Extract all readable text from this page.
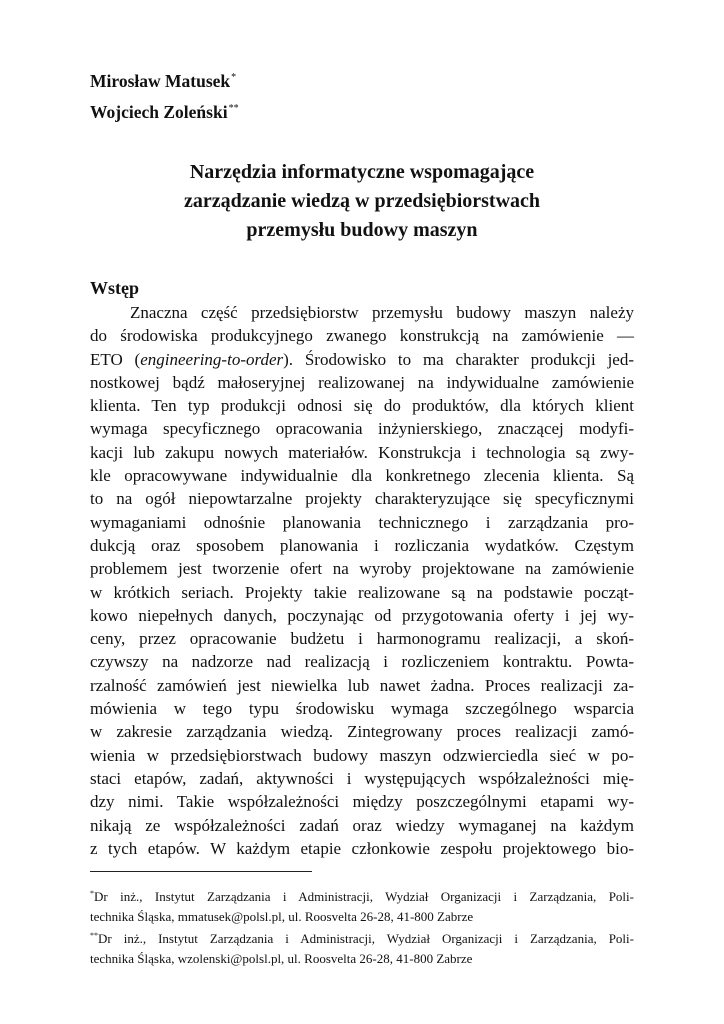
Mirosław Matusek*
Wojciech Zoleński**
Narzędzia informatyczne wspomagające
zarządzanie wiedzą w przedsiębiorstwach
przemysłu budowy maszyn
Wstęp
Znaczna część przedsiębiorstw przemysłu budowy maszyn należy
do środowiska produkcyjnego zwanego konstrukcją na zamówienie —
ETO (engineering-to-order). Środowisko to ma charakter produkcji jed-
nostkowej bądź małoseryjnej realizowanej na indywidualne zamówienie
klienta. Ten typ produkcji odnosi się do produktów, dla których klient
wymaga specyficznego opracowania inżynierskiego, znaczącej modyfi-
kacji lub zakupu nowych materiałów. Konstrukcja i technologia są zwy-
kle opracowywane indywidualnie dla konkretnego zlecenia klienta. Są
to na ogół niepowtarzalne projekty charakteryzujące się specyficznymi
wymaganiami odnośnie planowania technicznego i zarządzania pro-
dukcją oraz sposobem planowania i rozliczania wydatków. Częstym
problemem jest tworzenie ofert na wyroby projektowane na zamówienie
w krótkich seriach. Projekty takie realizowane są na podstawie począt-
kowo niepełnych danych, poczynając od przygotowania oferty i jej wy-
ceny, przez opracowanie budżetu i harmonogramu realizacji, a skoń-
czywszy na nadzorze nad realizacją i rozliczeniem kontraktu. Powta-
rzalność zamówień jest niewielka lub nawet żadna. Proces realizacji za-
mówienia w tego typu środowisku wymaga szczególnego wsparcia
w zakresie zarządzania wiedzą. Zintegrowany proces realizacji zamó-
wienia w przedsiębiorstwach budowy maszyn odzwierciedla sieć w po-
staci etapów, zadań, aktywności i występujących współzależności mię-
dzy nimi. Takie współzależności między poszczególnymi etapami wy-
nikają ze współzależności zadań oraz wiedzy wymaganej na każdym
z tych etapów. W każdym etapie członkowie zespołu projektowego bio-
*Dr inż., Instytut Zarządzania i Administracji, Wydział Organizacji i Zarządzania, Poli-
technika Śląska, mmatusek@polsl.pl, ul. Roosvelta 26-28, 41-800 Zabrze
**Dr inż., Instytut Zarządzania i Administracji, Wydział Organizacji i Zarządzania, Poli-
technika Śląska, wzolenski@polsl.pl, ul. Roosvelta 26-28, 41-800 Zabrze
